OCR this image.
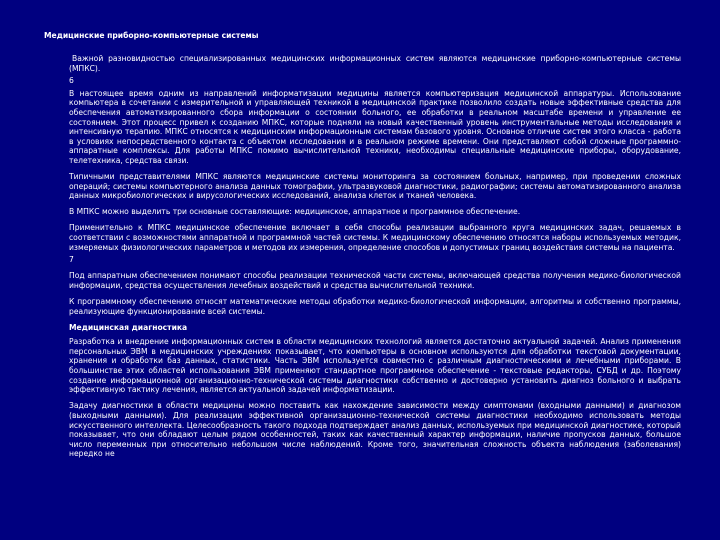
Медицинские приборно-компьютерные системы

Важной разновидностью специализированных медицинских информационных систем являются медицинские приборно-компьютерные системы (МПКС).

6

В настоящее время одним из направлений информатизации медицины является компьютеризация медицинской аппаратуры. Использование компьютера в сочетании с измерительной и управляющей техникой в медицинской практике позволило создать новые эффективные средства для обеспечения автоматизированного сбора информации о состоянии больного, ее обработки в реальном масштабе времени и управление ее состоянием. Этот процесс привел к созданию МПКС, которые подняли на новый качественный уровень инструментальные методы исследования и интенсивную терапию. МПКС относятся к медицинским информационным системам базового уровня. Основное отличие систем этого класса - работа в условиях непосредственного контакта с объектом исследования и в реальном режиме времени. Они представляют собой сложные программно-аппаратные комплексы. Для работы МПКС помимо вычислительной техники, необходимы специальные медицинские приборы, оборудование, телетехника, средства связи.

Типичными представителями МПКС являются медицинские системы мониторинга за состоянием больных, например, при проведении сложных операций; системы компьютерного анализа данных томографии, ультразвуковой диагностики, радиографии; системы автоматизированного анализа данных микробиологических и вирусологических исследований, анализа клеток и тканей человека.

В МПКС можно выделить три основные составляющие: медицинское, аппаратное и программное обеспечение.

Применительно к МПКС медицинское обеспечение включает в себя способы реализации выбранного круга медицинских задач, решаемых в соответствии с возможностями аппаратной и программной частей системы. К медицинскому обеспечению относятся наборы используемых методик, измеряемых физиологических параметров и методов их измерения, определение способов и допустимых границ воздействия системы на пациента.

7

Под аппаратным обеспечением понимают способы реализации технической части системы, включающей средства получения медико-биологической информации, средства осуществления лечебных воздействий и средства вычислительной техники.

К программному обеспечению относят математические методы обработки медико-биологической информации, алгоритмы и собственно программы, реализующие функционирование всей системы.

Медицинская диагностика

Разработка и внедрение информационных систем в области медицинских технологий является достаточно актуальной задачей. Анализ применения персональных ЭВМ в медицинских учреждениях показывает, что компьютеры в основном используются для обработки текстовой документации, хранения и обработки баз данных, статистики. Часть ЭВМ используется совместно с различным диагностическими и лечебными приборами. В большинстве этих областей использования ЭВМ применяют стандартное программное обеспечение - текстовые редакторы, СУБД и др. Поэтому создание информационной организационно-технической системы диагностики собственно и достоверно установить диагноз больного и выбрать эффективную тактику лечения, является актуальной задачей информатизации.

Задачу диагностики в области медицины можно поставить как нахождение зависимости между симптомами (входными данными) и диагнозом (выходными данными). Для реализации эффективной организационно-технической системы диагностики необходимо использовать методы искусственного интеллекта. Целесообразность такого подхода подтверждает анализ данных, используемых при медицинской диагностике, который показывает, что они обладают целым рядом особенностей, таких как качественный характер информации, наличие пропусков данных, большое число переменных при относительно небольшом числе наблюдений. Кроме того, значительная сложность объекта наблюдения (заболевания) нередко не
